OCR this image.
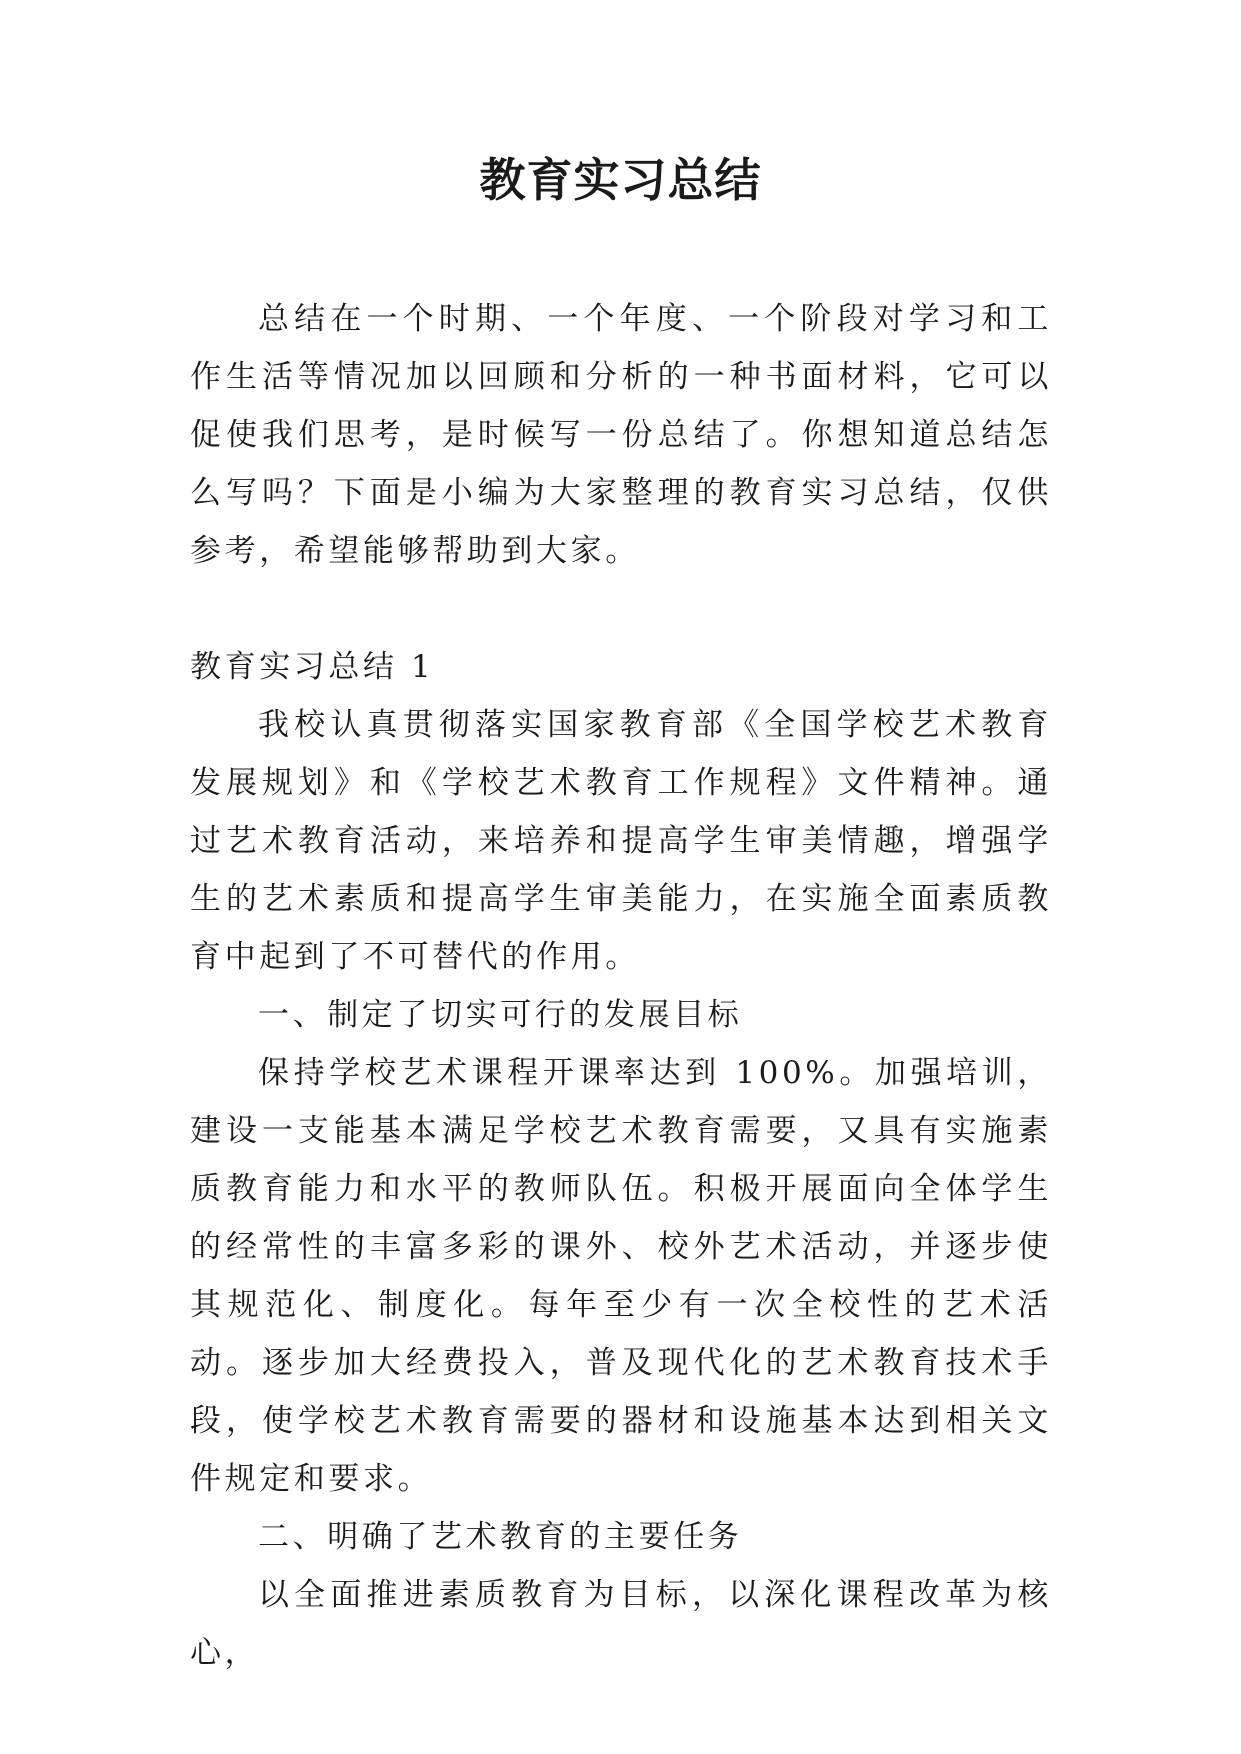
教育实习总结

总结在一个时期、一个年度、一个阶段对学习和工作生活等情况加以回顾和分析的一种书面材料，它可以促使我们思考，是时候写一份总结了。你想知道总结怎么写吗？下面是小编为大家整理的教育实习总结，仅供参考，希望能够帮助到大家。

教育实习总结 1

我校认真贯彻落实国家教育部《全国学校艺术教育发展规划》和《学校艺术教育工作规程》文件精神。通过艺术教育活动，来培养和提高学生审美情趣，增强学生的艺术素质和提高学生审美能力，在实施全面素质教育中起到了不可替代的作用。

一、制定了切实可行的发展目标

保持学校艺术课程开课率达到 100%。加强培训，建设一支能基本满足学校艺术教育需要，又具有实施素质教育能力和水平的教师队伍。积极开展面向全体学生的经常性的丰富多彩的课外、校外艺术活动，并逐步使其规范化、制度化。每年至少有一次全校性的艺术活动。逐步加大经费投入，普及现代化的艺术教育技术手段，使学校艺术教育需要的器材和设施基本达到相关文件规定和要求。

二、明确了艺术教育的主要任务

以全面推进素质教育为目标，以深化课程改革为核心，
